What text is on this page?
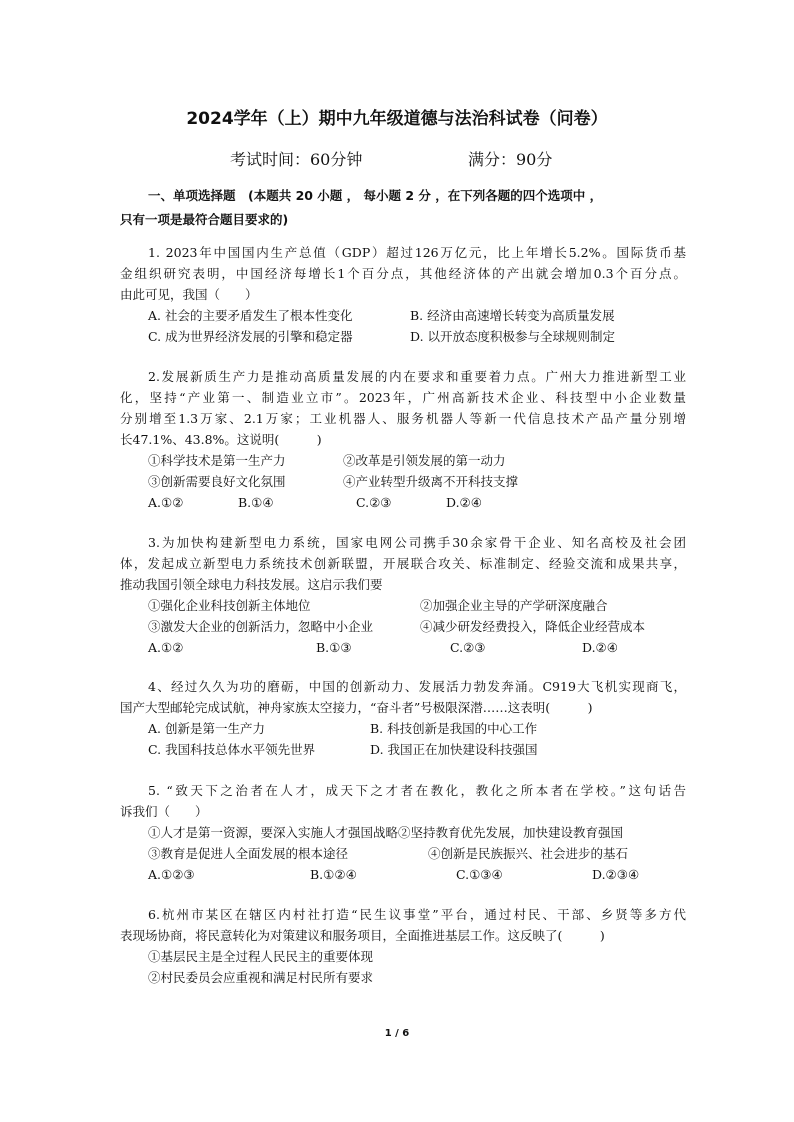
2024学年（上）期中九年级道德与法治科试卷（问卷）
考试时间：60分钟	满分：90分
一、单项选择题　(本题共 20 小题 ， 每小题 2 分 ，在下列各题的四个选项中 ，
只有一项是最符合题目要求的)
1. 2023年中国国内生产总值（GDP）超过126万亿元，比上年增长5.2%。国际货币基
金组织研究表明，中国经济每增长1个百分点，其他经济体的产出就会增加0.3个百分点。
由此可见，我国（　　）
A. 社会的主要矛盾发生了根本性变化	B. 经济由高速增长转变为高质量发展
C. 成为世界经济发展的引擎和稳定器	D. 以开放态度积极参与全球规则制定
2.发展新质生产力是推动高质量发展的内在要求和重要着力点。广州大力推进新型工业
化，坚持“产业第一、制造业立市”。2023年，广州高新技术企业、科技型中小企业数量
分别增至1.3万家、2.1万家；工业机器人、服务机器人等新一代信息技术产品产量分别增
长47.1%、43.8%。这说明(　　　)
①科学技术是第一生产力	②改革是引领发展的第一动力
③创新需要良好文化氛围	④产业转型升级离不开科技支撑
A.①②	B.①④	C.②③	D.②④
3.为加快构建新型电力系统，国家电网公司携手30余家骨干企业、知名高校及社会团
体，发起成立新型电力系统技术创新联盟，开展联合攻关、标准制定、经验交流和成果共享，
推动我国引领全球电力科技发展。这启示我们要
①强化企业科技创新主体地位	②加强企业主导的产学研深度融合
③激发大企业的创新活力，忽略中小企业	④减少研发经费投入，降低企业经营成本
A.①②	B.①③	C.②③	D.②④
4、经过久久为功的磨砺，中国的创新动力、发展活力勃发奔涌。C919大飞机实现商飞，
国产大型邮轮完成试航，神舟家族太空接力，“奋斗者”号极限深潜……这表明(　　　)
A. 创新是第一生产力	B. 科技创新是我国的中心工作
C. 我国科技总体水平领先世界	D. 我国正在加快建设科技强国
5. “致天下之治者在人才，成天下之才者在教化，教化之所本者在学校。”这句话告
诉我们（　　）
①人才是第一资源，要深入实施人才强国战略②坚持教育优先发展，加快建设教育强国
③教育是促进人全面发展的根本途径	④创新是民族振兴、社会进步的基石
A.①②③	B.①②④	C.①③④	D.②③④
6.杭州市某区在辖区内村社打造“民生议事堂”平台，通过村民、干部、乡贤等多方代
表现场协商，将民意转化为对策建议和服务项目，全面推进基层工作。这反映了(　　　)
①基层民主是全过程人民民主的重要体现
②村民委员会应重视和满足村民所有要求
1 / 6
